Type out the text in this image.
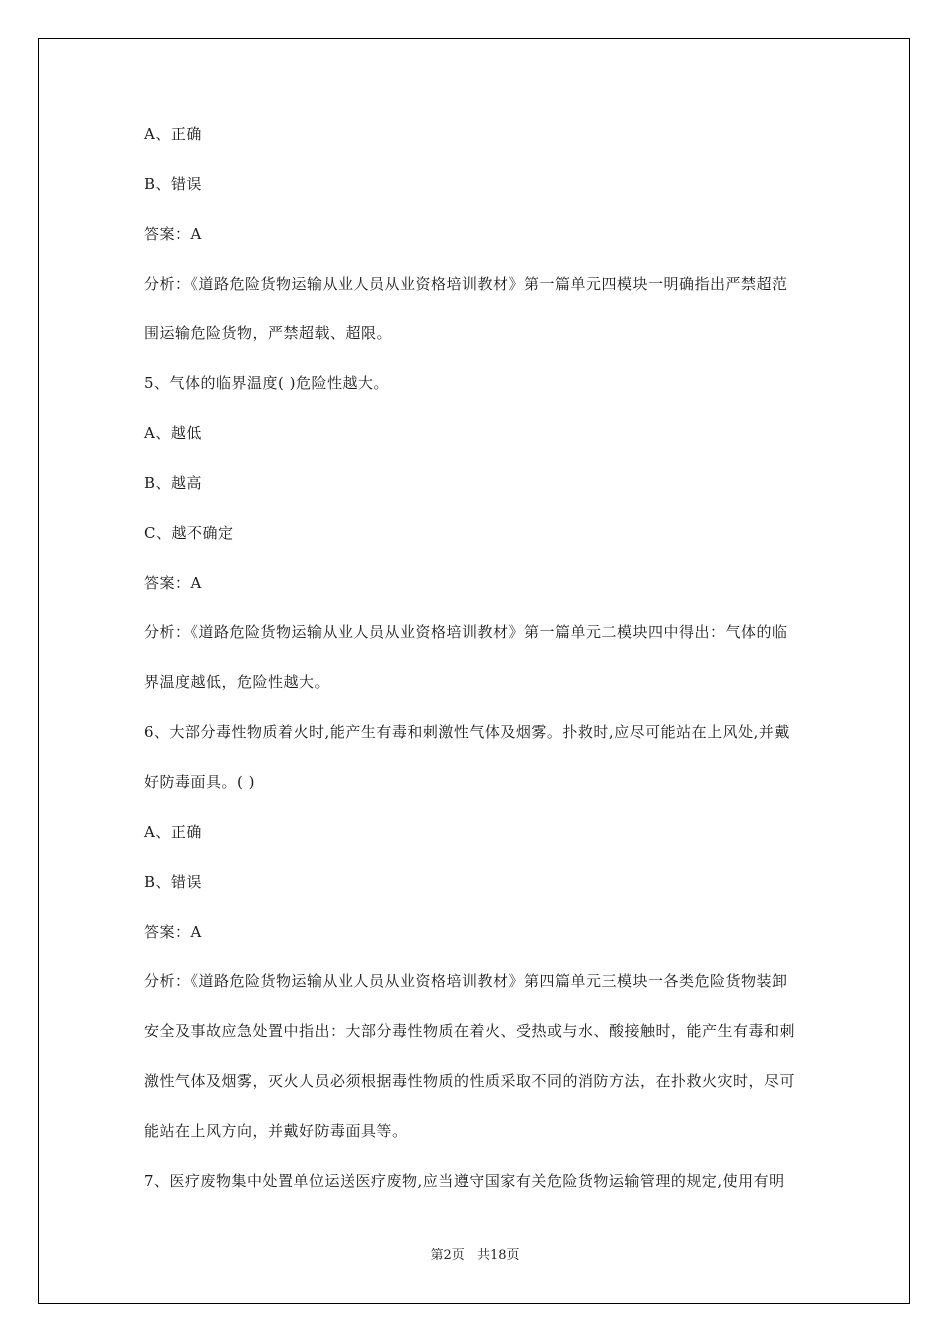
A、正确
B、错误
答案：A
分析：《道路危险货物运输从业人员从业资格培训教材》第一篇单元四模块一明确指出严禁超范
围运输危险货物，严禁超载、超限。
5、气体的临界温度( )危险性越大。
A、越低
B、越高
C、越不确定
答案：A
分析：《道路危险货物运输从业人员从业资格培训教材》第一篇单元二模块四中得出：气体的临
界温度越低，危险性越大。
6、大部分毒性物质着火时,能产生有毒和刺激性气体及烟雾。扑救时,应尽可能站在上风处,并戴
好防毒面具。( )
A、正确
B、错误
答案：A
分析：《道路危险货物运输从业人员从业资格培训教材》第四篇单元三模块一各类危险货物装卸
安全及事故应急处置中指出：大部分毒性物质在着火、受热或与水、酸接触时，能产生有毒和刺
激性气体及烟雾，灭火人员必须根据毒性物质的性质采取不同的消防方法，在扑救火灾时，尽可
能站在上风方向，并戴好防毒面具等。
7、医疗废物集中处置单位运送医疗废物,应当遵守国家有关危险货物运输管理的规定,使用有明
第2页 共18页
